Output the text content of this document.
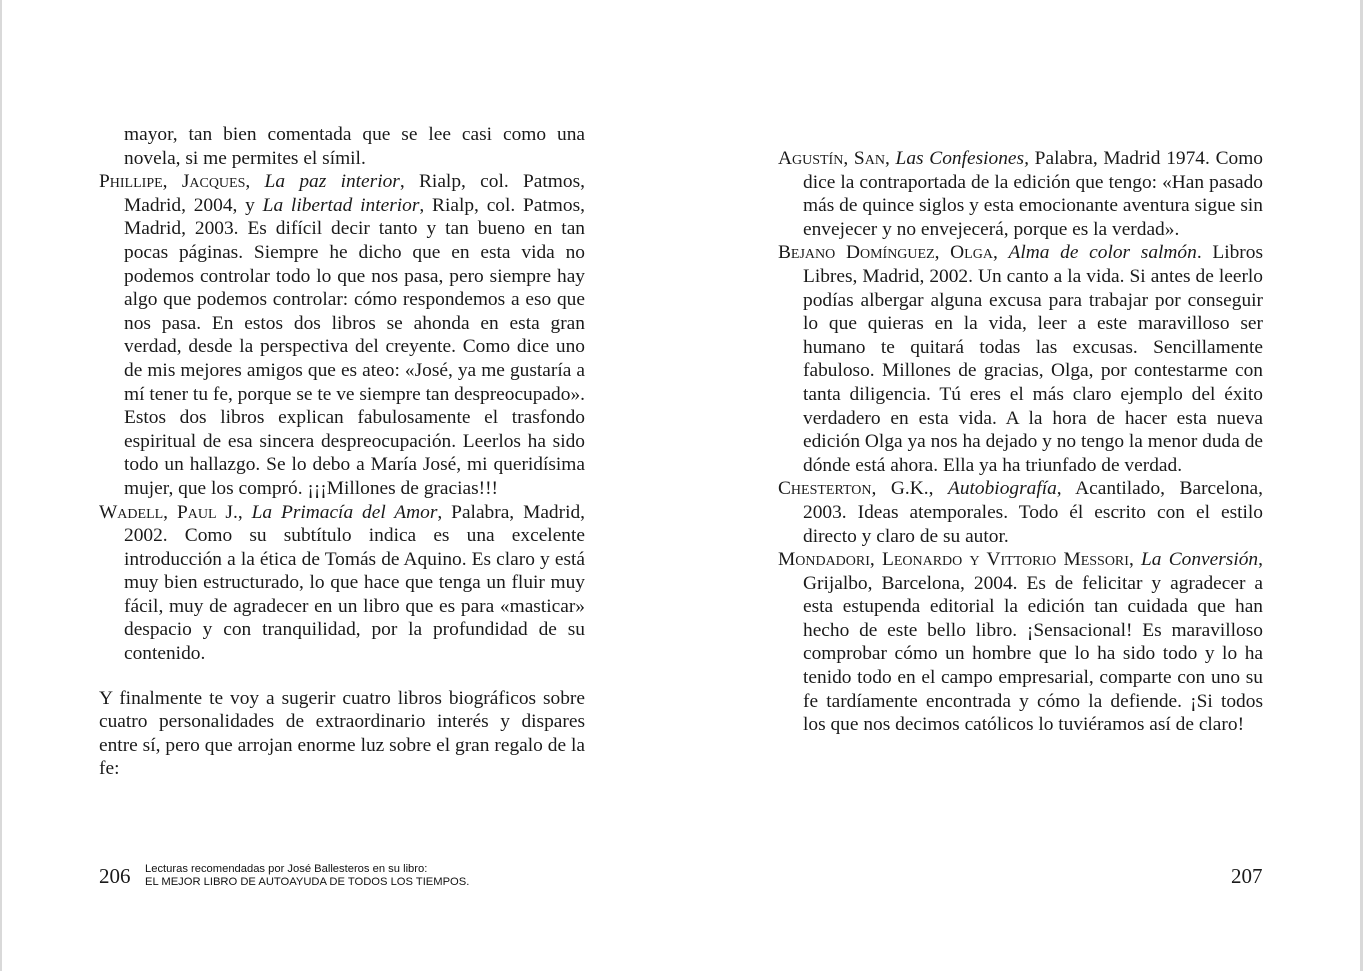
mayor, tan bien comentada que se lee casi como una novela, si me permites el símil.

Phillipe, Jacques, La paz interior, Rialp, col. Patmos, Madrid, 2004, y La libertad interior, Rialp, col. Patmos, Madrid, 2003. Es difícil decir tanto y tan bueno en tan pocas páginas. Siempre he dicho que en esta vida no podemos controlar todo lo que nos pasa, pero siempre hay algo que podemos controlar: cómo respondemos a eso que nos pasa. En estos dos libros se ahonda en esta gran verdad, desde la perspectiva del creyente. Como dice uno de mis mejores amigos que es ateo: «José, ya me gustaría a mí tener tu fe, porque se te ve siempre tan despreocupado». Estos dos libros explican fabulosamente el trasfondo espiritual de esa sincera despreocupación. Leerlos ha sido todo un hallazgo. Se lo debo a María José, mi queridísima mujer, que los compró. ¡¡¡Millones de gracias!!!

Wadell, Paul J., La Primacía del Amor, Palabra, Madrid, 2002. Como su subtítulo indica es una excelente introducción a la ética de Tomás de Aquino. Es claro y está muy bien estructurado, lo que hace que tenga un fluir muy fácil, muy de agradecer en un libro que es para «masticar» despacio y con tranquilidad, por la profundidad de su contenido.

Y finalmente te voy a sugerir cuatro libros biográficos sobre cuatro personalidades de extraordinario interés y dispares entre sí, pero que arrojan enorme luz sobre el gran regalo de la fe:

206 Lecturas recomendadas por José Ballesteros en su libro:
EL MEJOR LIBRO DE AUTOAYUDA DE TODOS LOS TIEMPOS.

Agustín, San, Las Confesiones, Palabra, Madrid 1974. Como dice la contraportada de la edición que tengo: «Han pasado más de quince siglos y esta emocionante aventura sigue sin envejecer y no envejecerá, porque es la verdad».

Bejano Domínguez, Olga, Alma de color salmón. Libros Libres, Madrid, 2002. Un canto a la vida. Si antes de leerlo podías albergar alguna excusa para trabajar por conseguir lo que quieras en la vida, leer a este maravilloso ser humano te quitará todas las excusas. Sencillamente fabuloso. Millones de gracias, Olga, por contestarme con tanta diligencia. Tú eres el más claro ejemplo del éxito verdadero en esta vida. A la hora de hacer esta nueva edición Olga ya nos ha dejado y no tengo la menor duda de dónde está ahora. Ella ya ha triunfado de verdad.

Chesterton, G.K., Autobiografía, Acantilado, Barcelona, 2003. Ideas atemporales. Todo él escrito con el estilo directo y claro de su autor.

Mondadori, Leonardo y Vittorio Messori, La Conversión, Grijalbo, Barcelona, 2004. Es de felicitar y agradecer a esta estupenda editorial la edición tan cuidada que han hecho de este bello libro. ¡Sensacional! Es maravilloso comprobar cómo un hombre que lo ha sido todo y lo ha tenido todo en el campo empresarial, comparte con uno su fe tardíamente encontrada y cómo la defiende. ¡Si todos los que nos decimos católicos lo tuviéramos así de claro!

207
